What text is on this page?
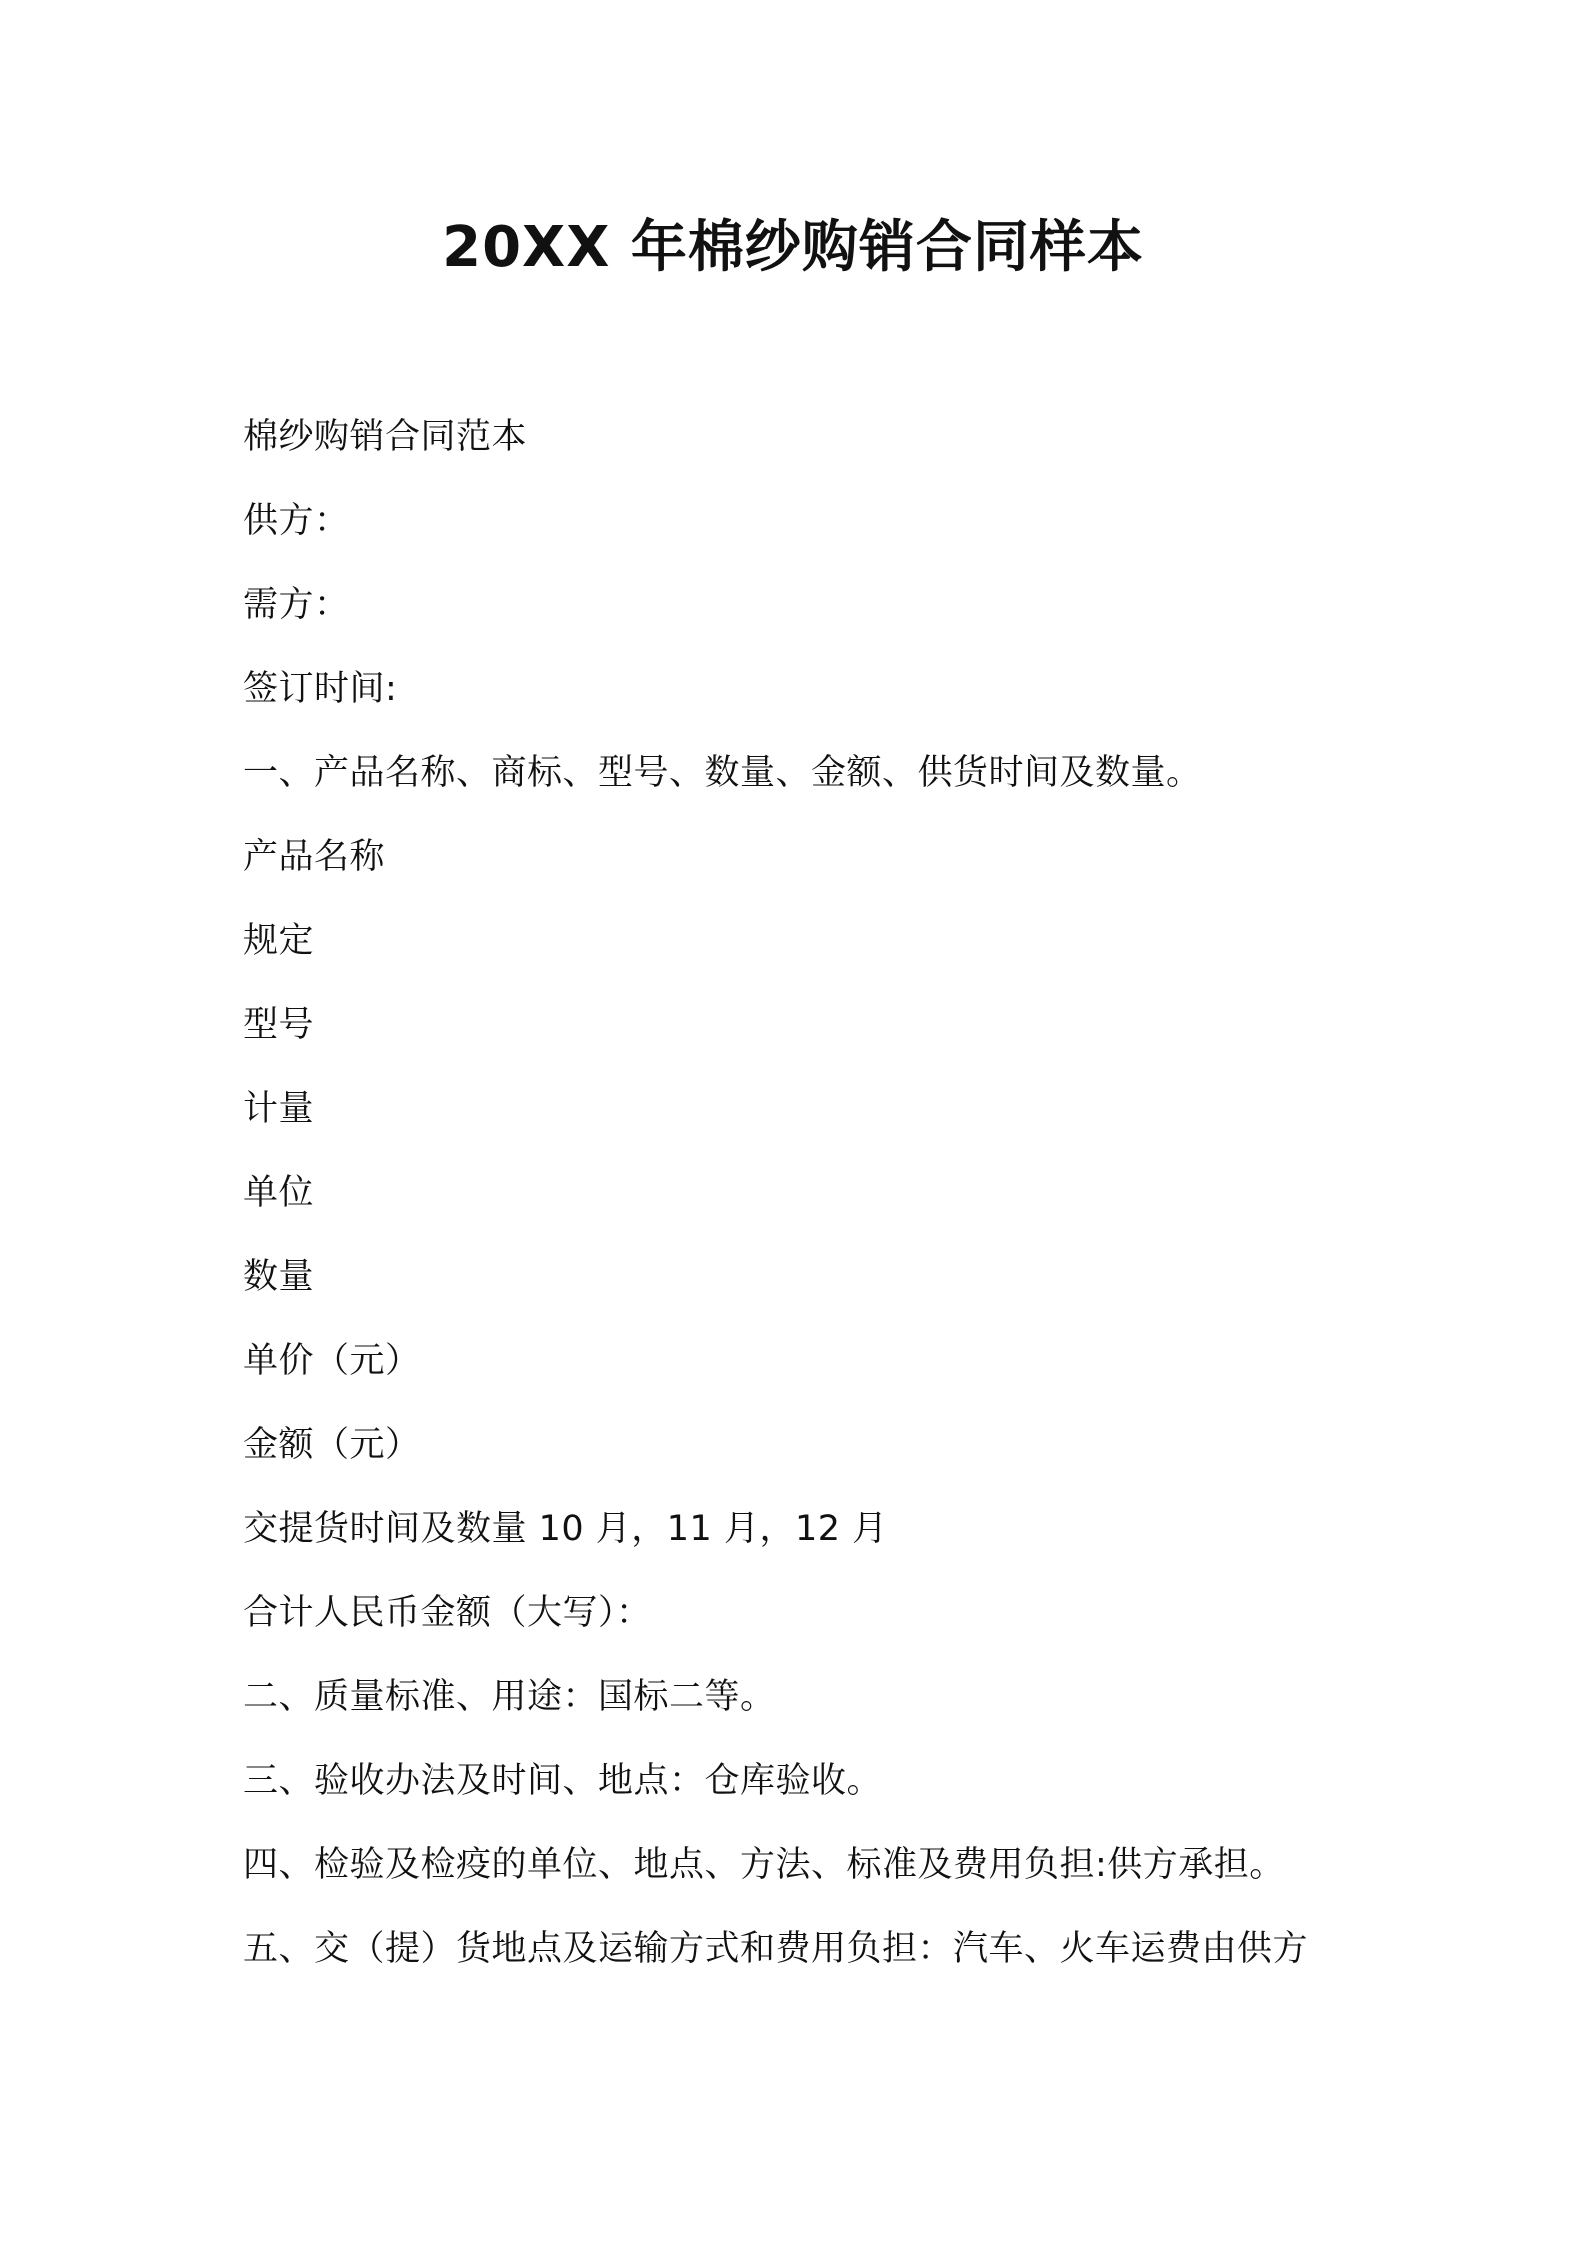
20XX 年棉纱购销合同样本
棉纱购销合同范本
供方：
需方：
签订时间:
一、产品名称、商标、型号、数量、金额、供货时间及数量。
产品名称
规定
型号
计量
单位
数量
单价（元）
金额（元）
交提货时间及数量 10 月，11 月，12 月
合计人民币金额（大写）：
二、质量标准、用途：国标二等。
三、验收办法及时间、地点：仓库验收。
四、检验及检疫的单位、地点、方法、标准及费用负担:供方承担。
五、交（提）货地点及运输方式和费用负担：汽车、火车运费由供方
